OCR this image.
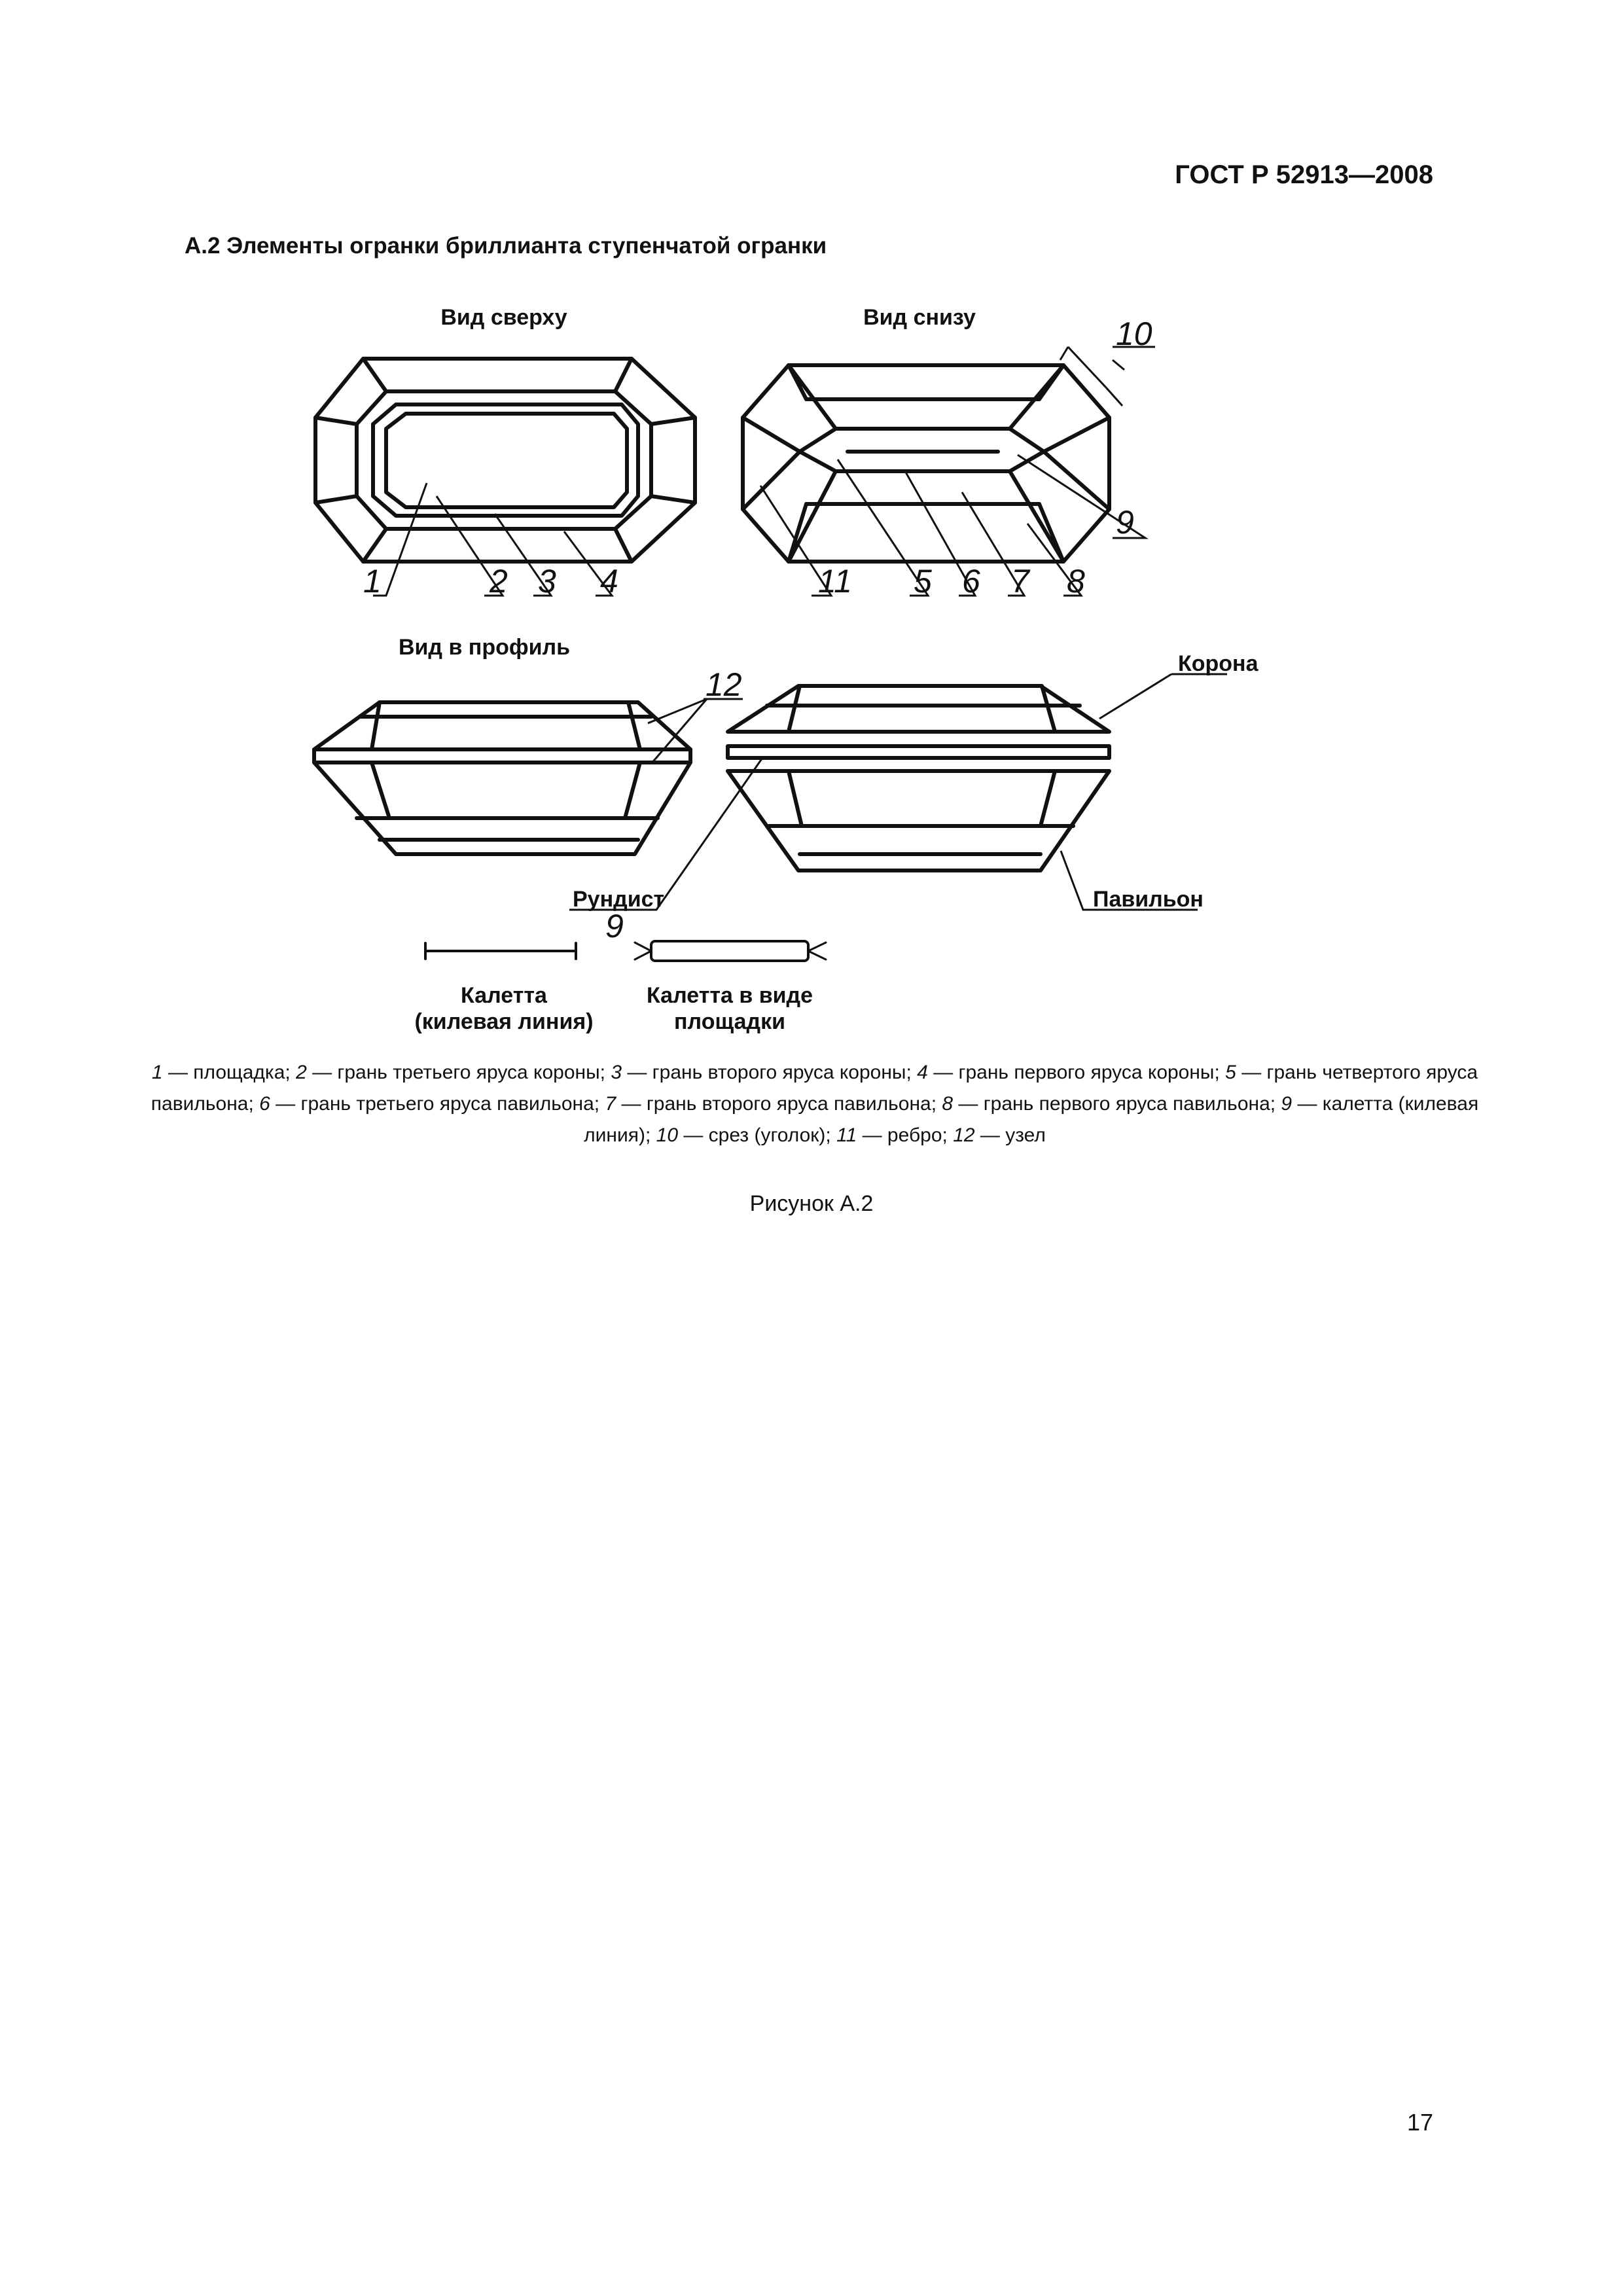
ГОСТ Р 52913—2008
А.2 Элементы огранки бриллианта ступенчатой огранки
Вид сверху	Вид снизу
Вид в профиль
1	2 3 4	5 6 7 8
9
10
11
12
9
Корона
Рундист	Павильон
Калетта
(килевая линия)
Калетта в виде
площадки
1 — площадка; 2 — грань третьего яруса короны; 3 — грань второго яруса короны; 4 — грань первого яруса короны; 5 — грань четвертого яруса павильона; 6 — грань третьего яруса павильона; 7 — грань второго яруса павильона; 8 — грань первого яруса павильона; 9 — калетта (килевая линия); 10 — срез (уголок); 11 — ребро; 12 — узел
Рисунок А.2
17
